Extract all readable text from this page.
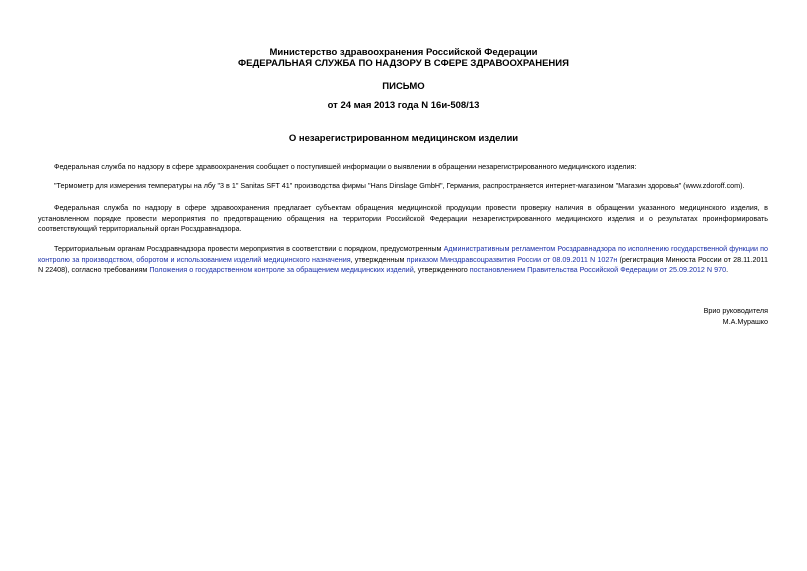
Министерство здравоохранения Российской Федерации
ФЕДЕРАЛЬНАЯ СЛУЖБА ПО НАДЗОРУ В СФЕРЕ ЗДРАВООХРАНЕНИЯ
ПИСЬМО
от 24 мая 2013 года N 16и-508/13
О незарегистрированном медицинском изделии
Федеральная служба по надзору в сфере здравоохранения сообщает о поступившей информации о выявлении в обращении незарегистрированного медицинского изделия:
"Термометр для измерения температуры на лбу "3 в 1" Sanitas SFT 41" производства фирмы "Hans Dinslage GmbH", Германия, распространяется интернет-магазином "Магазин здоровья" (www.zdoroff.com).
Федеральная служба по надзору в сфере здравоохранения предлагает субъектам обращения медицинской продукции провести проверку наличия в обращении указанного медицинского изделия, в установленном порядке провести мероприятия по предотвращению обращения на территории Российской Федерации незарегистрированного медицинского изделия и о результатах проинформировать соответствующий территориальный орган Росздравнадзора.
Территориальным органам Росздравнадзора провести мероприятия в соответствии с порядком, предусмотренным Административным регламентом Росздравнадзора по исполнению государственной функции по контролю за производством, оборотом и использованием изделий медицинского назначения, утвержденным приказом Минздравсоцразвития России от 08.09.2011 N 1027н (регистрация Минюста России от 28.11.2011 N 22408), согласно требованиям Положения о государственном контроле за обращением медицинских изделий, утвержденного постановлением Правительства Российской Федерации от 25.09.2012 N 970.
Врио руководителя
М.А.Мурашко
